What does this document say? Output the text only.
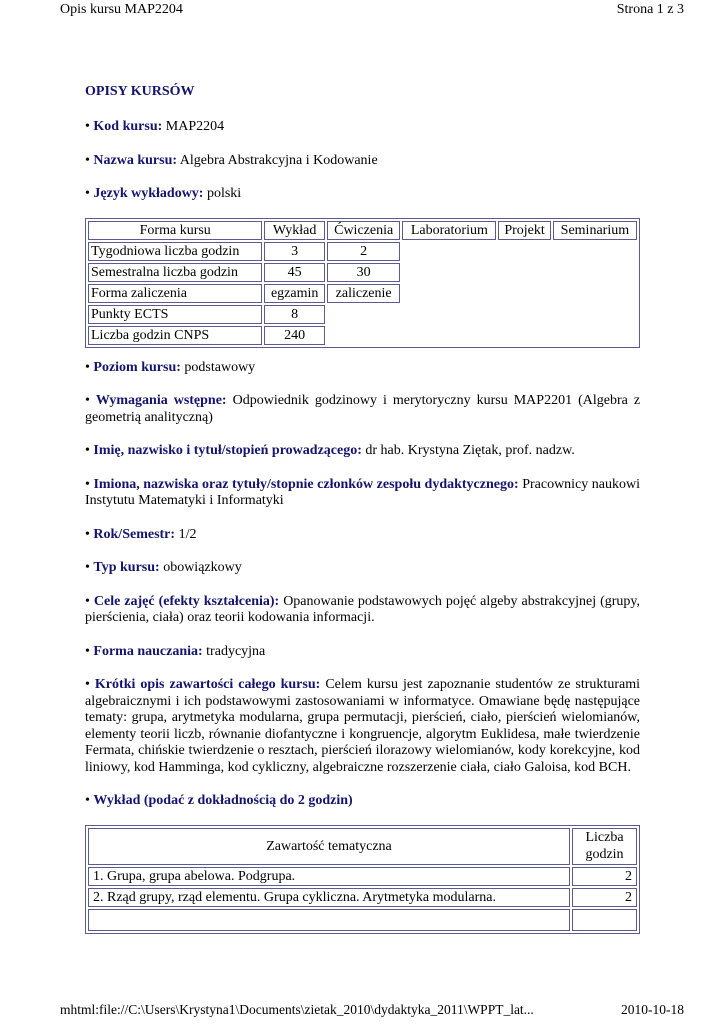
Opis kursu MAP2204	Strona 1 z 3
OPISY KURSÓW
• Kod kursu: MAP2204
• Nazwa kursu: Algebra Abstrakcyjna i Kodowanie
• Język wykładowy: polski
Forma kursu	Wykład	Ćwiczenia	Laboratorium	Projekt	Seminarium
Tygodniowa liczba godzin	3	2			
Semestralna liczba godzin	45	30			
Forma zaliczenia	egzamin	zaliczenie			
Punkty ECTS	8				
Liczba godzin CNPS	240				
• Poziom kursu: podstawowy
• Wymagania wstępne: Odpowiednik godzinowy i merytoryczny kursu MAP2201 (Algebra z geometrią analityczną)
• Imię, nazwisko i tytuł/stopień prowadzącego: dr hab. Krystyna Ziętak, prof. nadzw.
• Imiona, nazwiska oraz tytuły/stopnie członków zespołu dydaktycznego: Pracownicy naukowi Instytutu Matematyki i Informatyki
• Rok/Semestr: 1/2
• Typ kursu: obowiązkowy
• Cele zajęć (efekty kształcenia): Opanowanie podstawowych pojęć algeby abstrakcyjnej (grupy, pierścienia, ciała) oraz teorii kodowania informacji.
• Forma nauczania: tradycyjna
• Krótki opis zawartości całego kursu: Celem kursu jest zapoznanie studentów ze strukturami algebraicznymi i ich podstawowymi zastosowaniami w informatyce. Omawiane będę następujące tematy: grupa, arytmetyka modularna, grupa permutacji, pierścień, ciało, pierścień wielomianów, elementy teorii liczb, równanie diofantyczne i kongruencje, algorytm Euklidesa, małe twierdzenie Fermata, chińskie twierdzenie o resztach, pierścień ilorazowy wielomianów, kody korekcyjne, kod liniowy, kod Hamminga, kod cykliczny, algebraiczne rozszerzenie ciała, ciało Galoisa, kod BCH.
• Wykład (podać z dokładnością do 2 godzin)
Zawartość tematyczna	Liczba
godzin
1. Grupa, grupa abelowa. Podgrupa.	2
2. Rząd grupy, rząd elementu. Grupa cykliczna. Arytmetyka modularna.	2

mhtml:file://C:\Users\Krystyna1\Documents\zietak_2010\dydaktyka_2011\WPPT_lat...	2010-10-18
